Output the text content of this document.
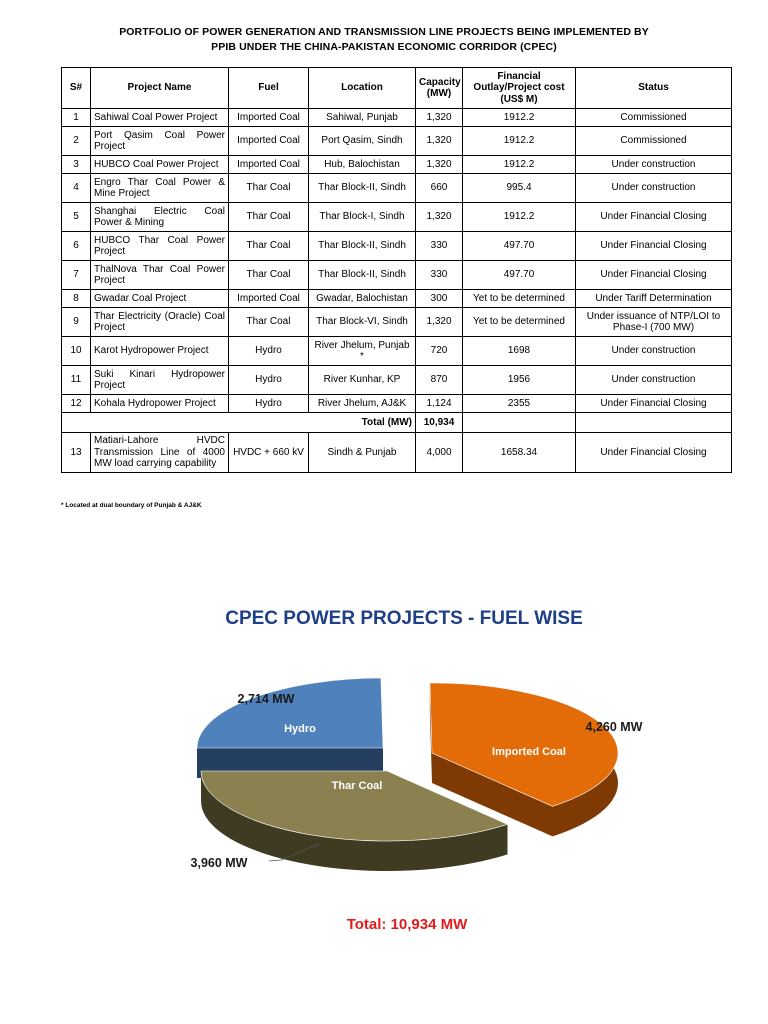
PORTFOLIO OF POWER GENERATION AND TRANSMISSION LINE PROJECTS BEING IMPLEMENTED BY
PPIB UNDER THE CHINA-PAKISTAN ECONOMIC CORRIDOR (CPEC)
S#	Project Name	Fuel	Location	Capacity (MW)	Financial Outlay/Project cost (US$ M)	Status
1	Sahiwal Coal Power Project	Imported Coal	Sahiwal, Punjab	1,320	1912.2	Commissioned
2	Port Qasim Coal Power Project	Imported Coal	Port Qasim, Sindh	1,320	1912.2	Commissioned
3	HUBCO Coal Power Project	Imported Coal	Hub, Balochistan	1,320	1912.2	Under construction
4	Engro Thar Coal Power & Mine Project	Thar Coal	Thar Block-II, Sindh	660	995.4	Under construction
5	Shanghai Electric Coal Power & Mining	Thar Coal	Thar Block-I, Sindh	1,320	1912.2	Under Financial Closing
6	HUBCO Thar Coal Power Project	Thar Coal	Thar Block-II, Sindh	330	497.70	Under Financial Closing
7	ThalNova Thar Coal Power Project	Thar Coal	Thar Block-II, Sindh	330	497.70	Under Financial Closing
8	Gwadar Coal Project	Imported Coal	Gwadar, Balochistan	300	Yet to be determined	Under Tariff Determination
9	Thar Electricity (Oracle) Coal Project	Thar Coal	Thar Block-VI, Sindh	1,320	Yet to be determined	Under issuance of NTP/LOI to Phase-I (700 MW)
10	Karot Hydropower Project	Hydro	River Jhelum, Punjab *	720	1698	Under construction
11	Suki Kinari Hydropower Project	Hydro	River Kunhar, KP	870	1956	Under construction
12	Kohala Hydropower Project	Hydro	River Jhelum, AJ&K	1,124	2355	Under Financial Closing
Total (MW)				10,934		
13	Matiari-Lahore HVDC Transmission Line of 4000 MW load carrying capability	HVDC + 660 kV	Sindh & Punjab	4,000	1658.34	Under Financial Closing
* Located at dual boundary of Punjab & AJ&K
CPEC POWER PROJECTS - FUEL WISE
Hydro
2,714 MW
Imported Coal
4,260 MW
Thar Coal
3,960 MW
Total: 10,934 MW
